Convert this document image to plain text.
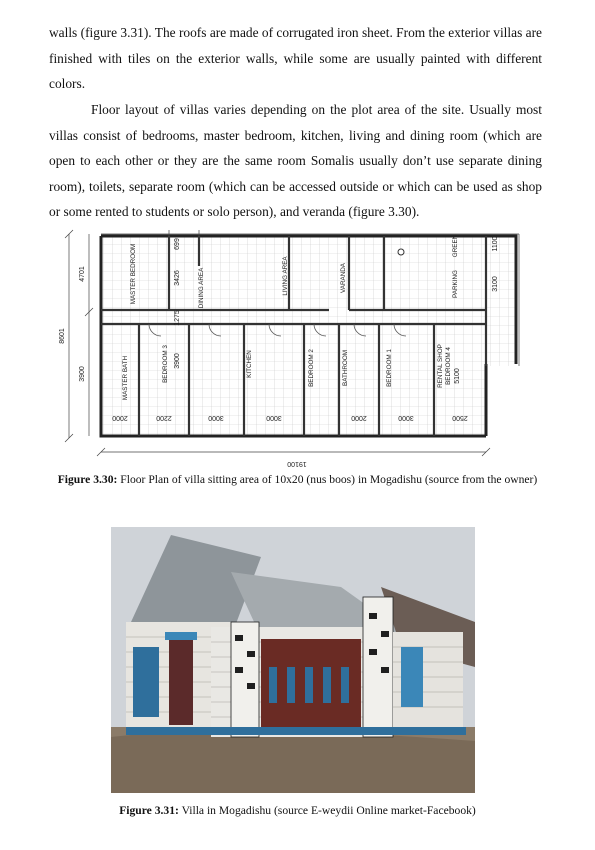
walls (figure 3.31). The roofs are made of corrugated iron sheet. From the exterior villas are finished with tiles on the exterior walls, while some are usually painted with different colors.

Floor layout of villas varies depending on the plot area of the site. Usually most villas consist of bedrooms, master bedroom, kitchen, living and dining room (which are open to each other or they are the same room Somalis usually don’t use separate dining room), toilets, separate room (which can be accessed outside or which can be used as shop or some rented to students or solo person), and veranda (figure 3.30).

MASTER BEDROOM	DINING AREA	LIVING AREA	VARANDA	PARKING
GREEN
MASTER BATH	BEDROOM 3	KITCHEN	BEDROOM 2	BATHROOM	BEDROOM 1	RENTAL SHOP BEDROOM 4
8601
4701
3900
19100
699
3426
1275
3900
5100
3100
1100
2000	2200	3000	3000	2000	3000	2500
Figure 3.30: Floor Plan of villa sitting area of 10x20 (nus boos) in Mogadishu (source from the owner)
Figure 3.31: Villa in Mogadishu (source E-weydii Online market-Facebook)
